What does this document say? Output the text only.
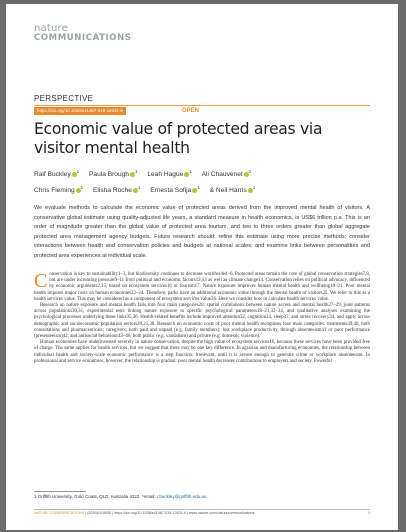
nature
COMMUNICATIONS
PERSPECTIVE
https://doi.org/10.1038/s41467-019-12631-6	OPEN
Economic value of protected areas via visitor mental health
Ralf Buckley $^1$ Paula Brough $^1$ Leah Hague $^1$ Ali Chauvenet $^1$
Chris Fleming $^1$ Elisha Roche $^1$ Ernesta Sofija $^1$ & Neil Harris $^1$

We evaluate methods to calculate the economic value of protected areas derived from the improved mental health of visitors. A conservative global estimate using quality-adjusted life years, a standard measure in health economics, is US$6 trillion p.a. This is an order of magnitude greater than the global value of protected area tourism, and two to three orders greater than global aggregate protected area management agency budgets. Future research should: refine this estimate using more precise methods; consider interactions between health and conservation policies and budgets at national scales; and examine links between personalities and protected area experiences at individual scale.

Conservation is key to sustainability1–3, but biodiversity continues to decrease worldwide4–6. Protected areas remain the core of global conservation strategies7,8, but are under increasing pressure9–11 from political and economic factors12,13 as well as climate change14. Conservation relies on political advocacy, influenced by economic arguments2,15, based on ecosystem services16 or tourism17. Nature exposure improves human mental health and wellbeing18–21. Poor mental health imposes major costs on human economies22–24. Therefore, parks have an additional economic value through the mental health of visitors25. We refer to this as a health services value. This may be considered as a component of ecosystem services value26. Here we consider how to calculate health services value.

Research on nature exposure and mental health falls into four main categories20: spatial correlations between nature access and mental health27–29, joint patterns across populations30,31, experimental tests linking nature exposure to specific psychological parameters18–21,32–34, and qualitative analyses examining the psychological processes underlying these links35,36. Health-related benefits include improved attention32, cognition33, sleep37, and stress recovery34, and apply across demographic and socioeconomic population sectors20,21,38. Research on economic costs of poor mental health recognises four main categories: treatments39,40, both consultations and pharmaceuticals; caregivers, both paid and unpaid (e.g. family members); lost workplace productivity, through absenteeism41 or poor performance (presenteeism)42; and antisocial behaviour43–46, both public (e.g. vandalism) and private (e.g. domestic violence).

Human economies have underinvested severely in nature conservation, despite the high value of ecosystem services16, because these services have been provided free of charge. The same applies for health services, but we suggest that there may be one key difference. In agrarian and manufacturing economies, the relationship between individual health and society-scale economic performance is a step function: irrelevant, until it is severe enough to generate crime or workplace absenteeism. In professional and service economies, however, the relationship is gradual: poor mental health decreases contributions to employers and society. Powerful

1 Griffith University, Gold Coast, QLD, Australia 4222. *email: r.buckley@griffith.edu.au
NATURE COMMUNICATIONS | (2019)10:5005 | https://doi.org/10.1038/s41467-019-12631-6 | www.nature.com/naturecommunications	1
